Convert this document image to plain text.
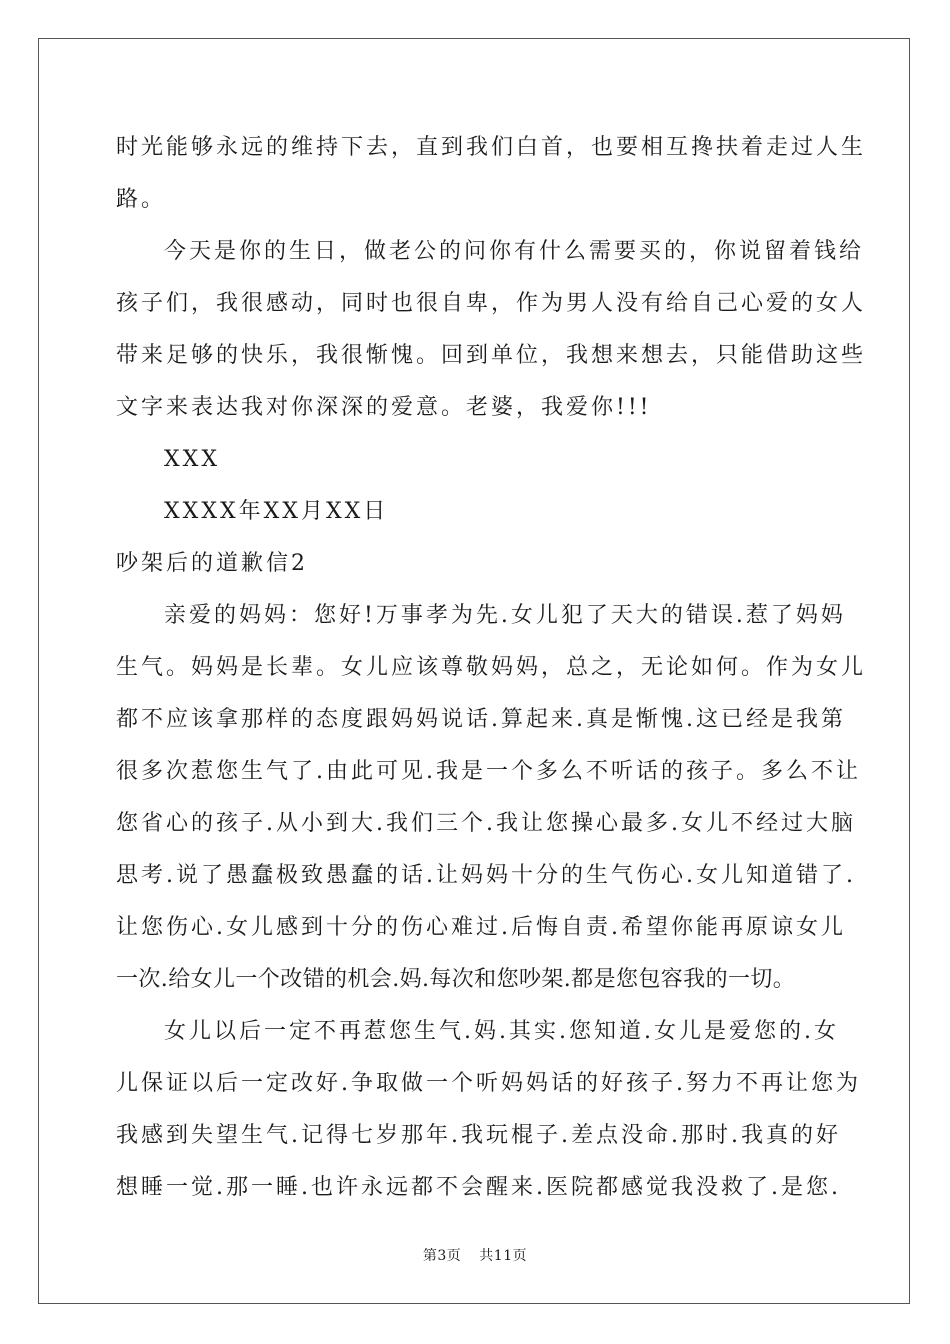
时光能够永远的维持下去，直到我们白首，也要相互搀扶着走过人生
路。
今天是你的生日，做老公的问你有什么需要买的，你说留着钱给
孩子们，我很感动，同时也很自卑，作为男人没有给自己心爱的女人
带来足够的快乐，我很惭愧。回到单位，我想来想去，只能借助这些
文字来表达我对你深深的爱意。老婆，我爱你!!!
XXX
XXXX年XX月XX日
吵架后的道歉信2
亲爱的妈妈：您好!万事孝为先.女儿犯了天大的错误.惹了妈妈
生气。妈妈是长辈。女儿应该尊敬妈妈，总之，无论如何。作为女儿
都不应该拿那样的态度跟妈妈说话.算起来.真是惭愧.这已经是我第
很多次惹您生气了.由此可见.我是一个多么不听话的孩子。多么不让
您省心的孩子.从小到大.我们三个.我让您操心最多.女儿不经过大脑
思考.说了愚蠢极致愚蠢的话.让妈妈十分的生气伤心.女儿知道错了.
让您伤心.女儿感到十分的伤心难过.后悔自责.希望你能再原谅女儿
一次.给女儿一个改错的机会.妈.每次和您吵架.都是您包容我的一切。
女儿以后一定不再惹您生气.妈.其实.您知道.女儿是爱您的.女
儿保证以后一定改好.争取做一个听妈妈话的好孩子.努力不再让您为
我感到失望生气.记得七岁那年.我玩棍子.差点没命.那时.我真的好
想睡一觉.那一睡.也许永远都不会醒来.医院都感觉我没救了.是您.
第3页 共11页
